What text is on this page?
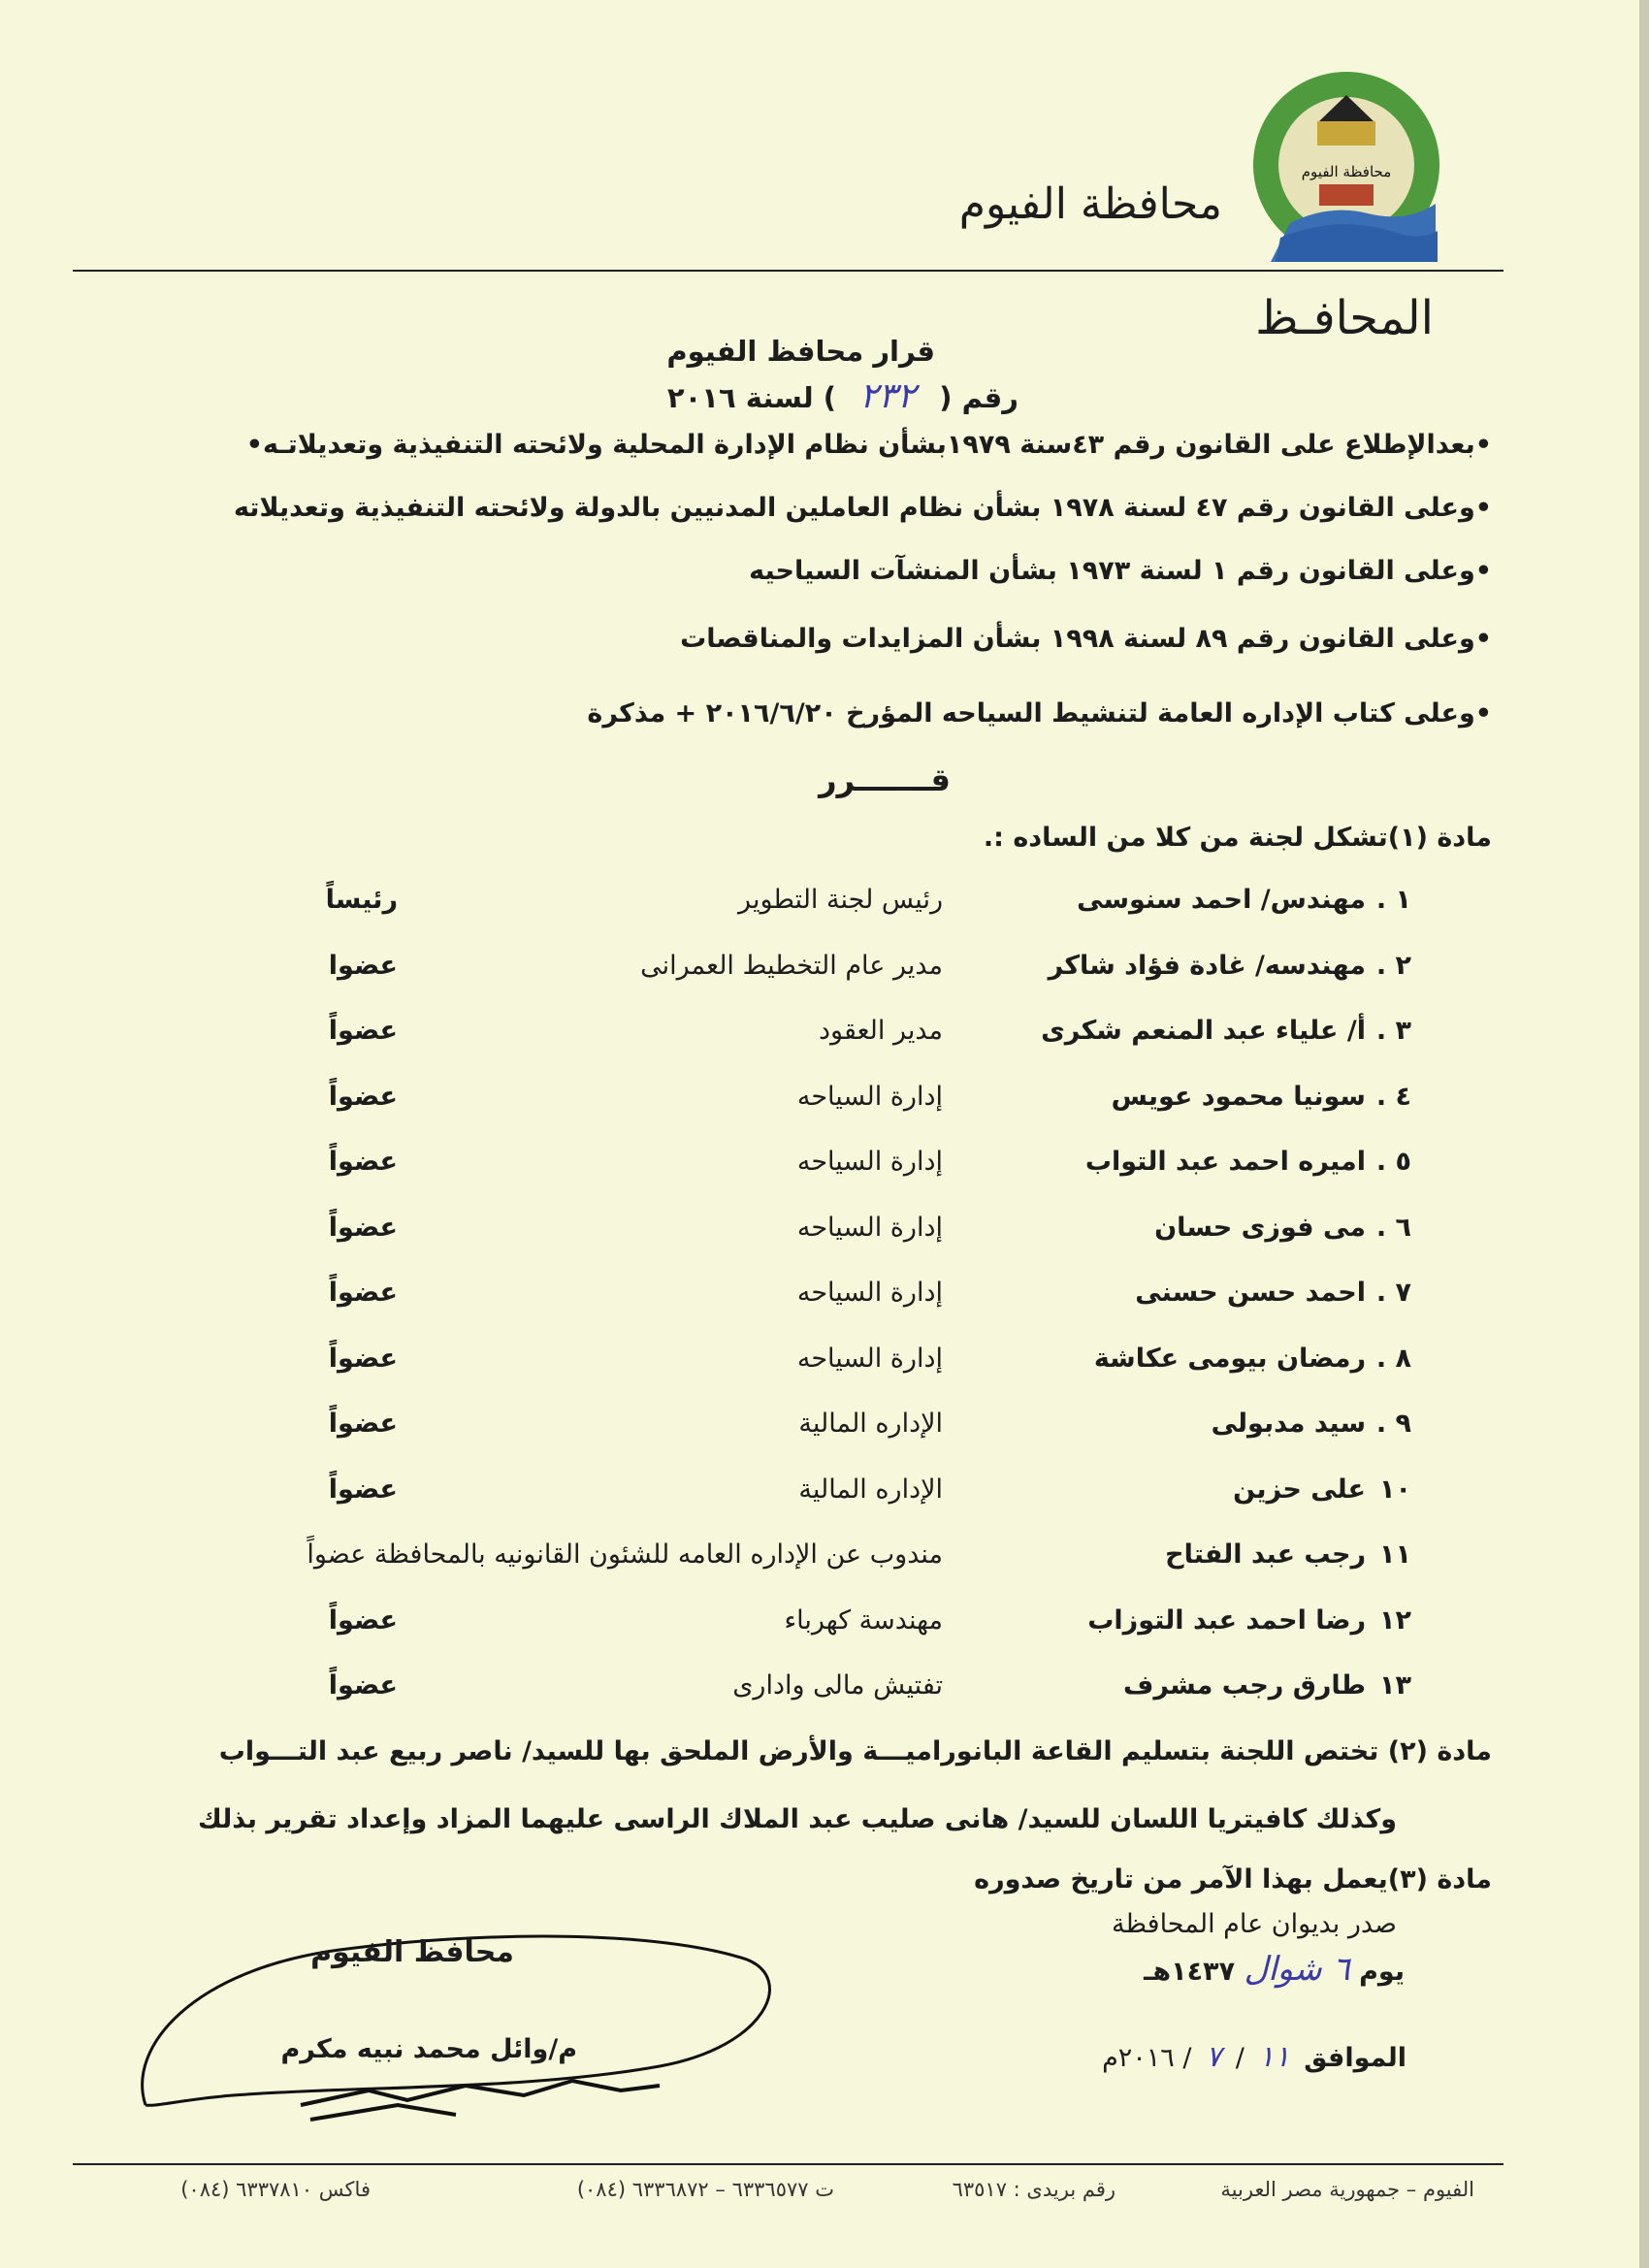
محافظة الفيوم
محافظة الفيوم
المحافـظ
قرار محافظ الفيوم
رقم ( ٢٣٢ ) لسنة ٢٠١٦
•بعدالإطلاع على القانون رقم ٤٣سنة ١٩٧٩بشأن نظام الإدارة المحلية ولائحته التنفيذية وتعديلاتـه•
•وعلى القانون رقم ٤٧ لسنة ١٩٧٨ بشأن نظام العاملين المدنيين بالدولة ولائحته التنفيذية وتعديلاته
•وعلى القانون رقم ١ لسنة ١٩٧٣ بشأن المنشآت السياحيه
•وعلى القانون رقم ٨٩ لسنة ١٩٩٨ بشأن المزايدات والمناقصات
•وعلى كتاب الإداره العامة لتنشيط السياحه المؤرخ ٢٠١٦/٦/٢٠ + مذكرة
قـــــــرر
مادة (١)تشكل لجنة من كلا من الساده :.
١ .
مهندس/ احمد سنوسى
رئيس لجنة التطوير
رئيساً
٢ .
مهندسه/ غادة فؤاد شاكر
مدير عام التخطيط العمرانى
عضوا
٣ .
أ/ علياء عبد المنعم شكرى
مدير العقود
عضواً
٤ .
سونيا محمود عويس
إدارة السياحه
عضواً
٥ .
اميره احمد عبد التواب
إدارة السياحه
عضواً
٦ .
مى فوزى حسان
إدارة السياحه
عضواً
٧ .
احمد حسن حسنى
إدارة السياحه
عضواً
٨ .
رمضان بيومى عكاشة
إدارة السياحه
عضواً
٩ .
سيد مدبولى
الإداره المالية
عضواً
١٠
على حزين
الإداره المالية
عضواً
١١
رجب عبد الفتاح
مندوب عن الإداره العامه للشئون القانونيه بالمحافظة عضواً
١٢
رضا احمد عبد التوزاب
مهندسة كهرباء
عضواً
١٣
طارق رجب مشرف
تفتيش مالى وادارى
عضواً
مادة (٢) تختص اللجنة بتسليم القاعة البانوراميـــة والأرض الملحق بها للسيد/ ناصر ربيع عبد التـــواب
وكذلك كافيتريا اللسان للسيد/ هانى صليب عبد الملاك الراسى عليهما المزاد وإعداد تقرير بذلك
مادة (٣)يعمل بهذا الآمر من تاريخ صدوره
صدر بديوان عام المحافظة
يوم ٦ شوال ١٤٣٧هـ
الموافق ١١ / ٧ / ٢٠١٦م
محافظ الفيوم
م/وائل محمد نبيه مكرم
الفيوم – جمهورية مصر العربية
رقم بريدى : ٦٣٥١٧
ت ٦٣٣٦٥٧٧ – ٦٣٣٦٨٧٢ (٠٨٤)
فاكس ٦٣٣٧٨١٠ (٠٨٤)
